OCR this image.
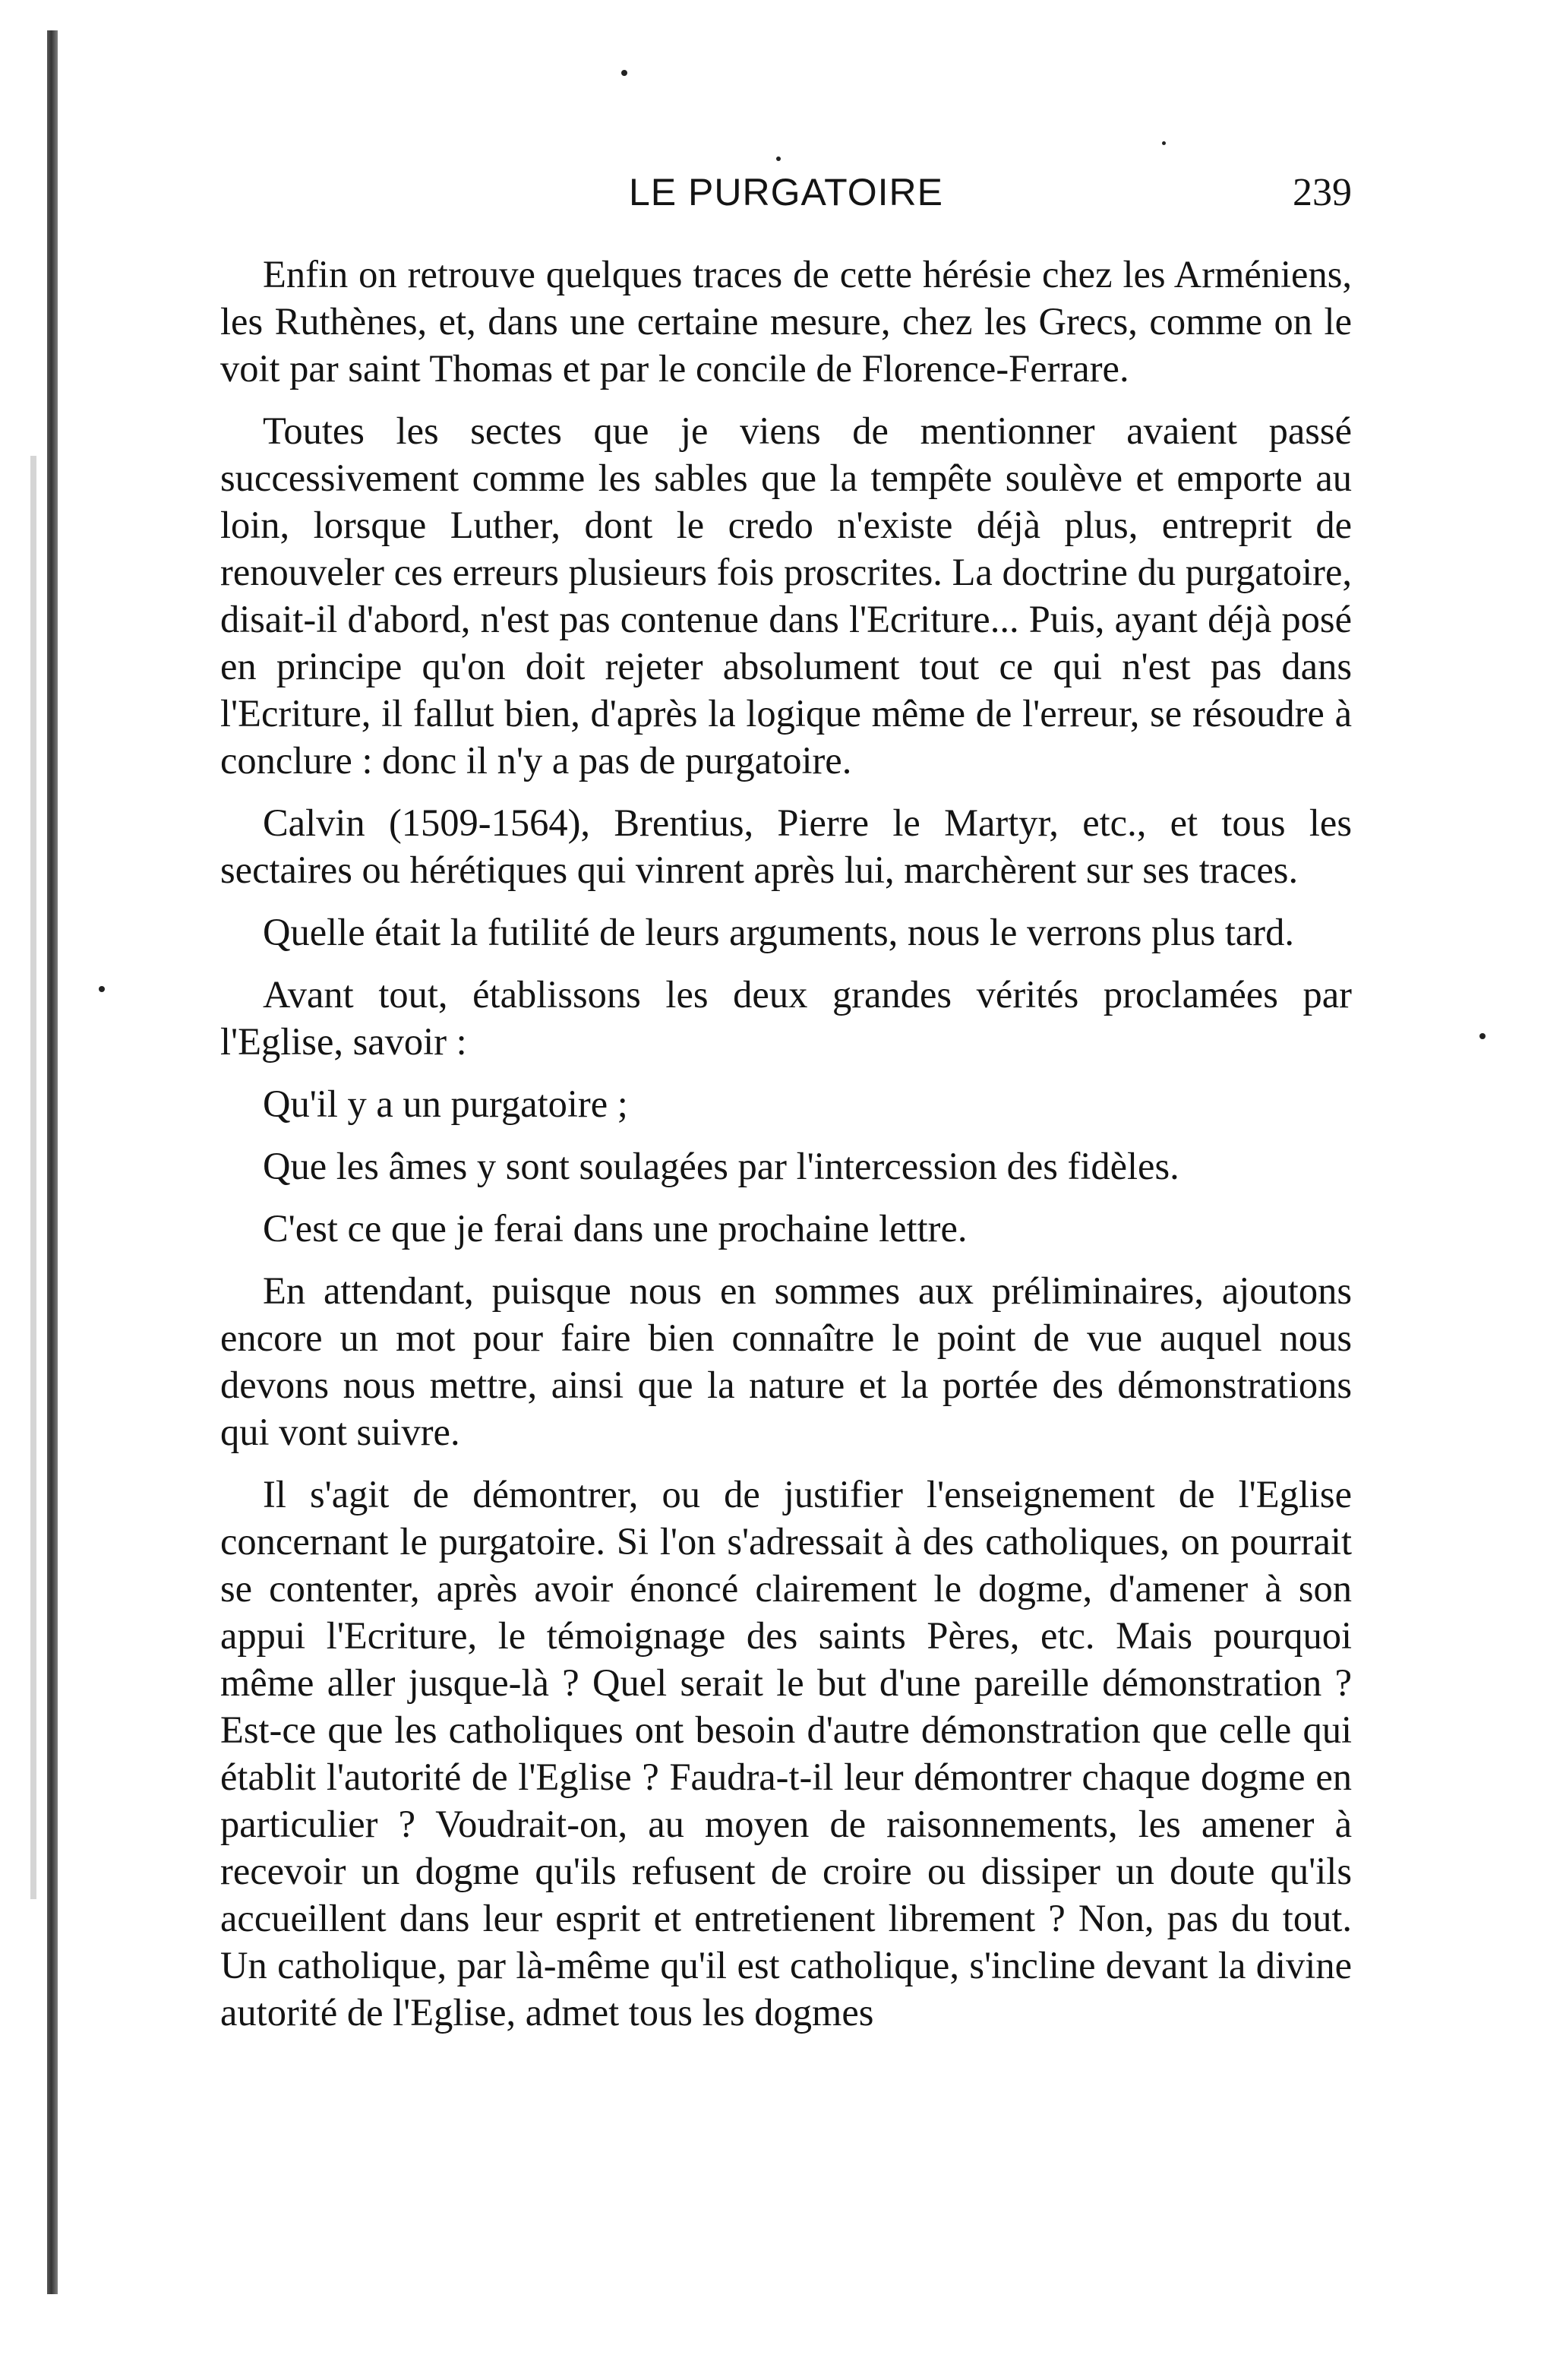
LE PURGATOIRE	239

Enfin on retrouve quelques traces de cette hérésie chez les Arméniens, les Ruthènes, et, dans une certaine mesure, chez les Grecs, comme on le voit par saint Thomas et par le concile de Florence-Ferrare.

Toutes les sectes que je viens de mentionner avaient passé successivement comme les sables que la tempête soulève et emporte au loin, lorsque Luther, dont le credo n'existe déjà plus, entreprit de renouveler ces erreurs plusieurs fois proscrites. La doctrine du purgatoire, disait-il d'abord, n'est pas contenue dans l'Ecriture... Puis, ayant déjà posé en principe qu'on doit rejeter absolument tout ce qui n'est pas dans l'Ecriture, il fallut bien, d'après la logique même de l'erreur, se résoudre à conclure : donc il n'y a pas de purgatoire.

Calvin (1509-1564), Brentius, Pierre le Martyr, etc., et tous les sectaires ou hérétiques qui vinrent après lui, marchèrent sur ses traces.

Quelle était la futilité de leurs arguments, nous le verrons plus tard.

Avant tout, établissons les deux grandes vérités proclamées par l'Eglise, savoir :

Qu'il y a un purgatoire ;

Que les âmes y sont soulagées par l'intercession des fidèles.

C'est ce que je ferai dans une prochaine lettre.

En attendant, puisque nous en sommes aux préliminaires, ajoutons encore un mot pour faire bien connaître le point de vue auquel nous devons nous mettre, ainsi que la nature et la portée des démonstrations qui vont suivre.

Il s'agit de démontrer, ou de justifier l'enseignement de l'Eglise concernant le purgatoire. Si l'on s'adressait à des catholiques, on pourrait se contenter, après avoir énoncé clairement le dogme, d'amener à son appui l'Ecriture, le témoignage des saints Pères, etc. Mais pourquoi même aller jusque-là ? Quel serait le but d'une pareille démonstration ? Est-ce que les catholiques ont besoin d'autre démonstration que celle qui établit l'autorité de l'Eglise ? Faudra-t-il leur démontrer chaque dogme en particulier ? Voudrait-on, au moyen de raisonnements, les amener à recevoir un dogme qu'ils refusent de croire ou dissiper un doute qu'ils accueillent dans leur esprit et entretienent librement ? Non, pas du tout. Un catholique, par là-même qu'il est catholique, s'incline devant la divine autorité de l'Eglise, admet tous les dogmes
